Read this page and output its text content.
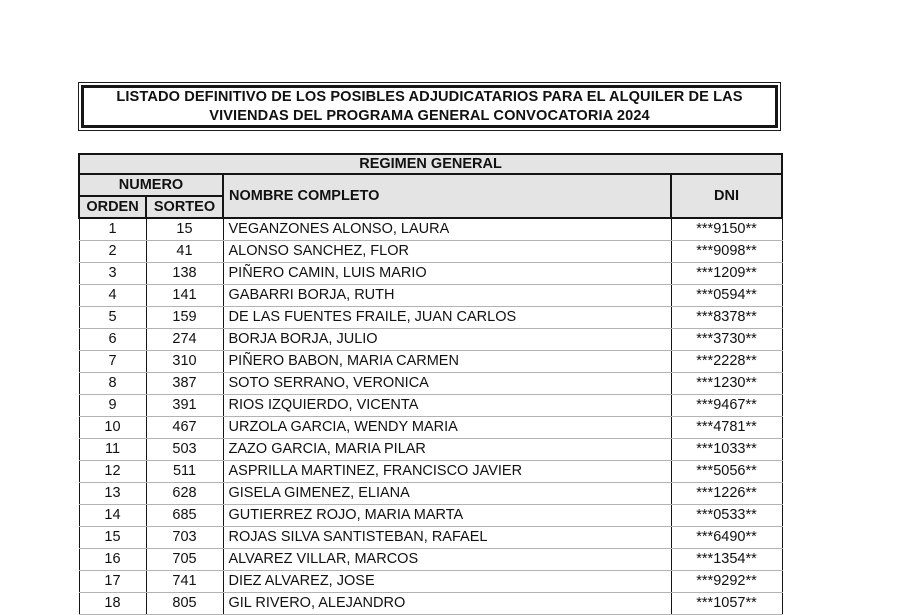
LISTADO DEFINITIVO DE LOS POSIBLES ADJUDICATARIOS PARA EL ALQUILER DE LAS VIVIENDAS DEL PROGRAMA GENERAL CONVOCATORIA 2024
REGIMEN GENERAL			
NUMERO		NOMBRE COMPLETO	DNI
ORDEN	SORTEO		
1	15	VEGANZONES ALONSO, LAURA	***9150**
2	41	ALONSO SANCHEZ, FLOR	***9098**
3	138	PIÑERO CAMIN, LUIS MARIO	***1209**
4	141	GABARRI BORJA, RUTH	***0594**
5	159	DE LAS FUENTES FRAILE, JUAN CARLOS	***8378**
6	274	BORJA BORJA, JULIO	***3730**
7	310	PIÑERO BABON, MARIA CARMEN	***2228**
8	387	SOTO SERRANO, VERONICA	***1230**
9	391	RIOS IZQUIERDO, VICENTA	***9467**
10	467	URZOLA GARCIA, WENDY MARIA	***4781**
11	503	ZAZO GARCIA, MARIA PILAR	***1033**
12	511	ASPRILLA MARTINEZ, FRANCISCO JAVIER	***5056**
13	628	GISELA GIMENEZ, ELIANA	***1226**
14	685	GUTIERREZ ROJO, MARIA MARTA	***0533**
15	703	ROJAS SILVA SANTISTEBAN, RAFAEL	***6490**
16	705	ALVAREZ VILLAR, MARCOS	***1354**
17	741	DIEZ ALVAREZ, JOSE	***9292**
18	805	GIL RIVERO, ALEJANDRO	***1057**
